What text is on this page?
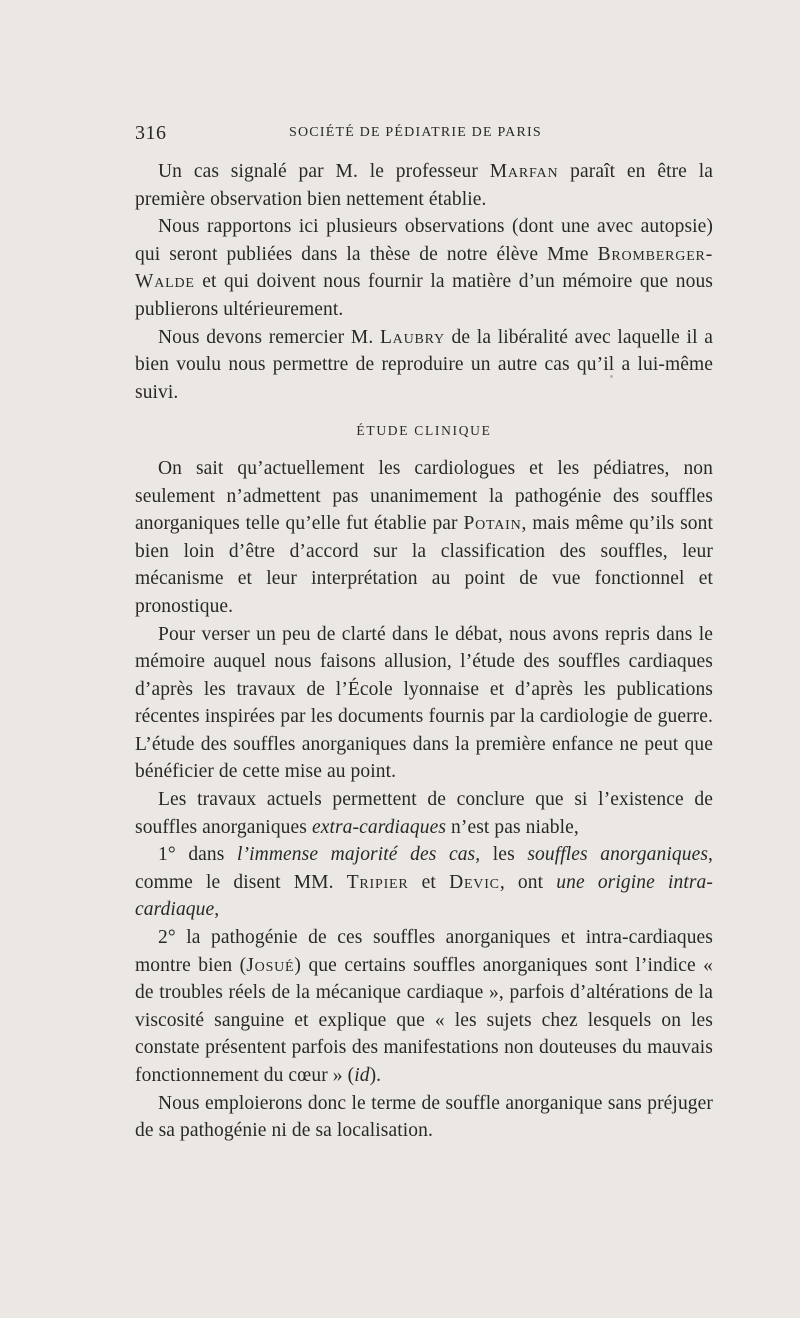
316	SOCIÉTÉ DE PÉDIATRIE DE PARIS

Un cas signalé par M. le professeur Marfan paraît en être la première observation bien nettement établie.

Nous rapportons ici plusieurs observations (dont une avec autopsie) qui seront publiées dans la thèse de notre élève Mme Bromberger-Walde et qui doivent nous fournir la matière d’un mémoire que nous publierons ultérieurement.

Nous devons remercier M. Laubry de la libéralité avec laquelle il a bien voulu nous permettre de reproduire un autre cas qu’il a lui-même suivi.

ÉTUDE CLINIQUE

On sait qu’actuellement les cardiologues et les pédiatres, non seulement n’admettent pas unanimement la pathogénie des souffles anorganiques telle qu’elle fut établie par Potain, mais même qu’ils sont bien loin d’être d’accord sur la classification des souffles, leur mécanisme et leur interprétation au point de vue fonctionnel et pronostique.

Pour verser un peu de clarté dans le débat, nous avons repris dans le mémoire auquel nous faisons allusion, l’étude des souffles cardiaques d’après les travaux de l’École lyonnaise et d’après les publications récentes inspirées par les documents fournis par la cardiologie de guerre. L’étude des souffles anorganiques dans la première enfance ne peut que bénéficier de cette mise au point.

Les travaux actuels permettent de conclure que si l’existence de souffles anorganiques extra-cardiaques n’est pas niable,

1° dans l’immense majorité des cas, les souffles anorganiques, comme le disent MM. Tripier et Devic, ont une origine intra-cardiaque,

2° la pathogénie de ces souffles anorganiques et intra-cardiaques montre bien (Josué) que certains souffles anorganiques sont l’indice « de troubles réels de la mécanique cardiaque », parfois d’altérations de la viscosité sanguine et explique que « les sujets chez lesquels on les constate présentent parfois des manifestations non douteuses du mauvais fonctionnement du cœur » (id).

Nous emploierons donc le terme de souffle anorganique sans préjuger de sa pathogénie ni de sa localisation.
